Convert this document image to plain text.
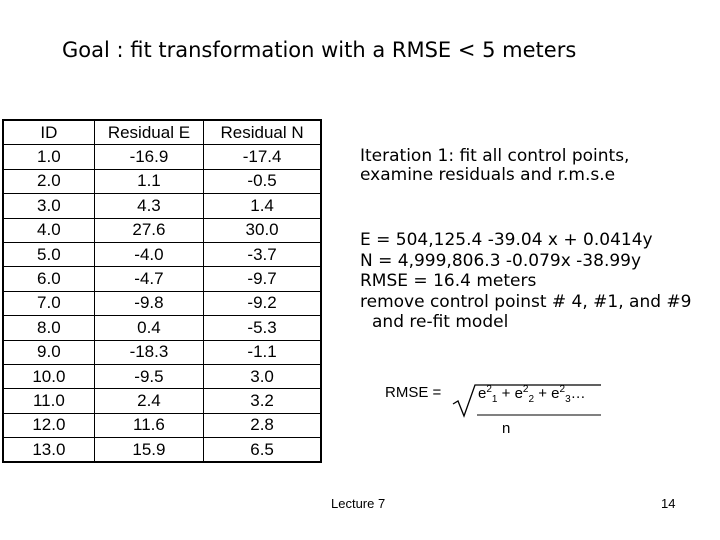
Goal : fit transformation with a RMSE < 5 meters
ID	Residual E	Residual N
1.0	-16.9	-17.4
2.0	1.1	-0.5
3.0	4.3	1.4
4.0	27.6	30.0
5.0	-4.0	-3.7
6.0	-4.7	-9.7
7.0	-9.8	-9.2
8.0	0.4	-5.3
9.0	-18.3	-1.1
10.0	-9.5	3.0
11.0	2.4	3.2
12.0	11.6	2.8
13.0	15.9	6.5
Iteration 1: fit all control points,
examine residuals and r.m.s.e
E = 504,125.4 -39.04 x + 0.0414y
N = 4,999,806.3 -0.079x -38.99y
RMSE = 16.4 meters
remove control poinst # 4, #1, and #9
and re-fit model
RMSE = $e^2_1 + e^2_2$ + $e^2_3\dots$
n
Lecture 7	14
